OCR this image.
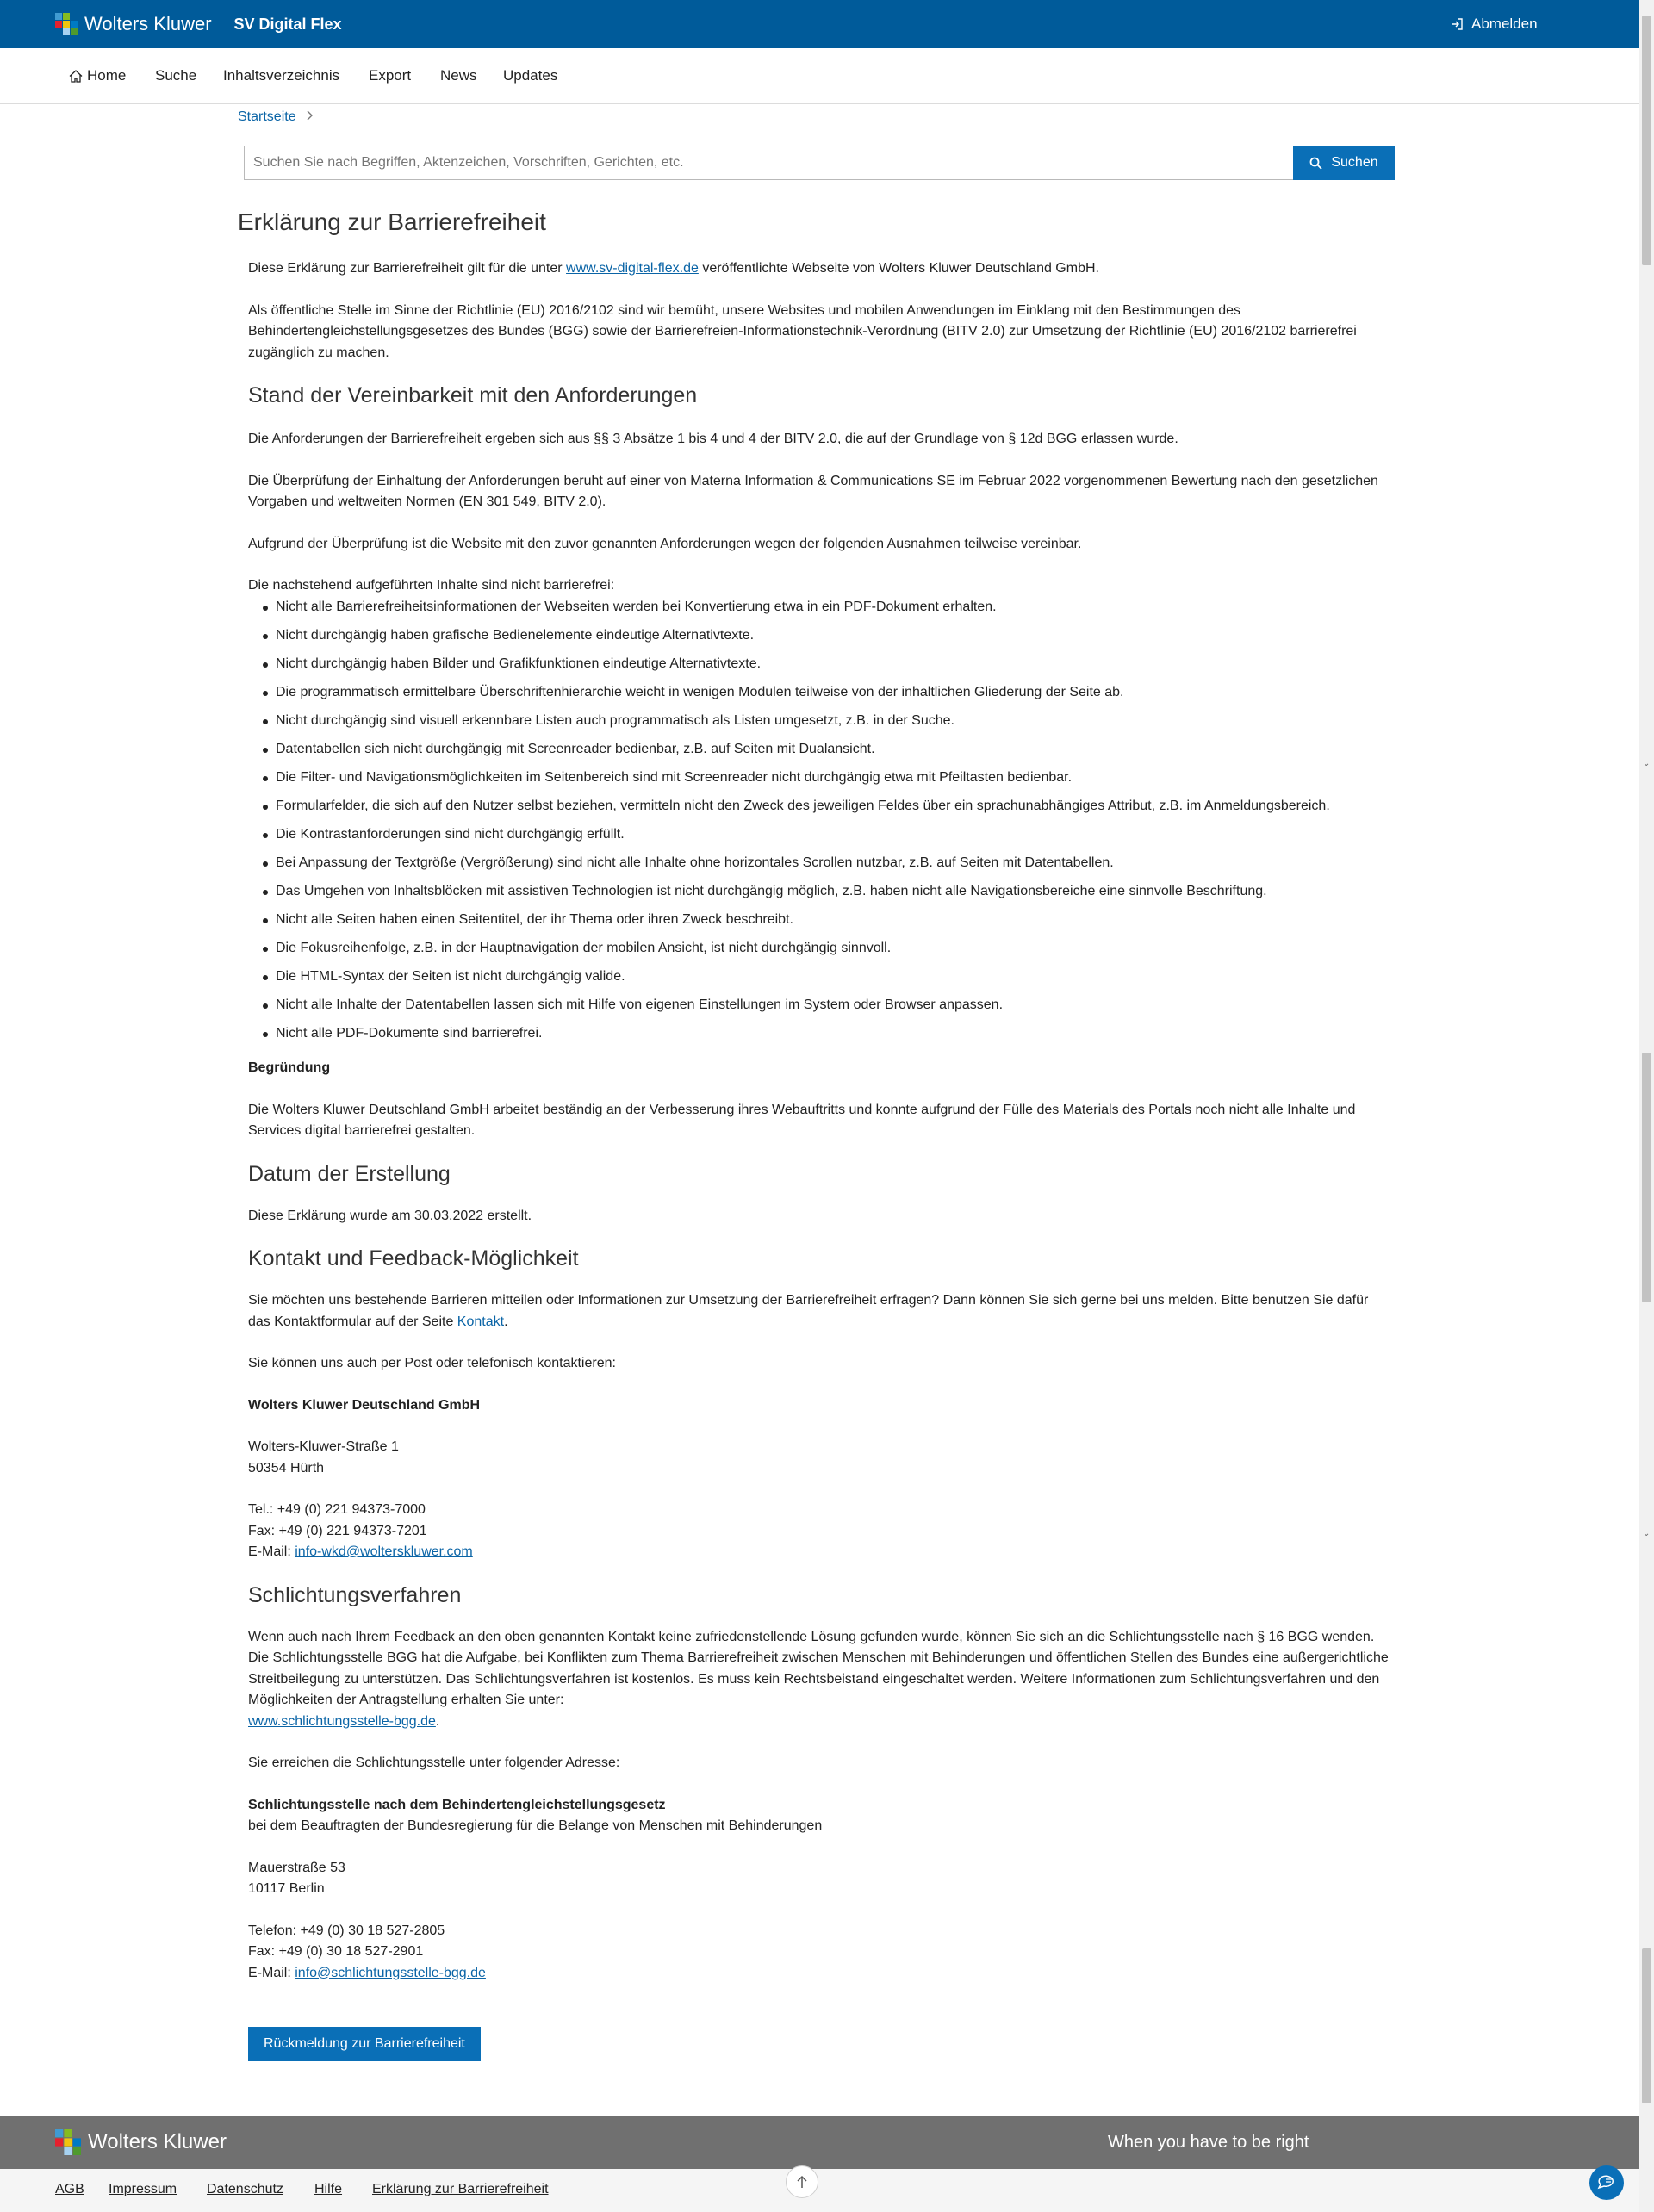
Wolters Kluwer SV Digital Flex	Abmelden
Home Suche Inhaltsverzeichnis Export News Updates
Startseite
Suchen Sie nach Begriffen, Aktenzeichen, Vorschriften, Gerichten, etc.
Suchen
Erklärung zur Barrierefreiheit

Diese Erklärung zur Barrierefreiheit gilt für die unter www.sv-digital-flex.de veröffentlichte Webseite von Wolters Kluwer Deutschland GmbH.

Als öffentliche Stelle im Sinne der Richtlinie (EU) 2016/2102 sind wir bemüht, unsere Websites und mobilen Anwendungen im Einklang mit den Bestimmungen des Behindertengleichstellungsgesetzes des Bundes (BGG) sowie der Barrierefreien-Informationstechnik-Verordnung (BITV 2.0) zur Umsetzung der Richtlinie (EU) 2016/2102 barrierefrei zugänglich zu machen.

Stand der Vereinbarkeit mit den Anforderungen

Die Anforderungen der Barrierefreiheit ergeben sich aus §§ 3 Absätze 1 bis 4 und 4 der BITV 2.0, die auf der Grundlage von § 12d BGG erlassen wurde.

Die Überprüfung der Einhaltung der Anforderungen beruht auf einer von Materna Information & Communications SE im Februar 2022 vorgenommenen Bewertung nach den gesetzlichen Vorgaben und weltweiten Normen (EN 301 549, BITV 2.0).

Aufgrund der Überprüfung ist die Website mit den zuvor genannten Anforderungen wegen der folgenden Ausnahmen teilweise vereinbar.

Die nachstehend aufgeführten Inhalte sind nicht barrierefrei:

Nicht alle Barrierefreiheitsinformationen der Webseiten werden bei Konvertierung etwa in ein PDF-Dokument erhalten.
Nicht durchgängig haben grafische Bedienelemente eindeutige Alternativtexte.
Nicht durchgängig haben Bilder und Grafikfunktionen eindeutige Alternativtexte.
Die programmatisch ermittelbare Überschriftenhierarchie weicht in wenigen Modulen teilweise von der inhaltlichen Gliederung der Seite ab.
Nicht durchgängig sind visuell erkennbare Listen auch programmatisch als Listen umgesetzt, z.B. in der Suche.
Datentabellen sich nicht durchgängig mit Screenreader bedienbar, z.B. auf Seiten mit Dualansicht.
Die Filter- und Navigationsmöglichkeiten im Seitenbereich sind mit Screenreader nicht durchgängig etwa mit Pfeiltasten bedienbar.
Formularfelder, die sich auf den Nutzer selbst beziehen, vermitteln nicht den Zweck des jeweiligen Feldes über ein sprachunabhängiges Attribut, z.B. im Anmeldungsbereich.
Die Kontrastanforderungen sind nicht durchgängig erfüllt.
Bei Anpassung der Textgröße (Vergrößerung) sind nicht alle Inhalte ohne horizontales Scrollen nutzbar, z.B. auf Seiten mit Datentabellen.
Das Umgehen von Inhaltsblöcken mit assistiven Technologien ist nicht durchgängig möglich, z.B. haben nicht alle Navigationsbereiche eine sinnvolle Beschriftung.
Nicht alle Seiten haben einen Seitentitel, der ihr Thema oder ihren Zweck beschreibt.
Die Fokusreihenfolge, z.B. in der Hauptnavigation der mobilen Ansicht, ist nicht durchgängig sinnvoll.
Die HTML-Syntax der Seiten ist nicht durchgängig valide.
Nicht alle Inhalte der Datentabellen lassen sich mit Hilfe von eigenen Einstellungen im System oder Browser anpassen.
Nicht alle PDF-Dokumente sind barrierefrei.

Begründung

Die Wolters Kluwer Deutschland GmbH arbeitet beständig an der Verbesserung ihres Webauftritts und konnte aufgrund der Fülle des Materials des Portals noch nicht alle Inhalte und Services digital barrierefrei gestalten.

Datum der Erstellung

Diese Erklärung wurde am 30.03.2022 erstellt.

Kontakt und Feedback-Möglichkeit

Sie möchten uns bestehende Barrieren mitteilen oder Informationen zur Umsetzung der Barrierefreiheit erfragen? Dann können Sie sich gerne bei uns melden. Bitte benutzen Sie dafür das Kontaktformular auf der Seite Kontakt.

Sie können uns auch per Post oder telefonisch kontaktieren:

Wolters Kluwer Deutschland GmbH

Wolters-Kluwer-Straße 1

50354 Hürth

Tel.: +49 (0) 221 94373-7000

Fax: +49 (0) 221 94373-7201

E-Mail: info-wkd@wolterskluwer.com

Schlichtungsverfahren

Wenn auch nach Ihrem Feedback an den oben genannten Kontakt keine zufriedenstellende Lösung gefunden wurde, können Sie sich an die Schlichtungsstelle nach § 16 BGG wenden. Die Schlichtungsstelle BGG hat die Aufgabe, bei Konflikten zum Thema Barrierefreiheit zwischen Menschen mit Behinderungen und öffentlichen Stellen des Bundes eine außergerichtliche Streitbeilegung zu unterstützen. Das Schlichtungsverfahren ist kostenlos. Es muss kein Rechtsbeistand eingeschaltet werden. Weitere Informationen zum Schlichtungsverfahren und den Möglichkeiten der Antragstellung erhalten Sie unter:

www.schlichtungsstelle-bgg.de.

Sie erreichen die Schlichtungsstelle unter folgender Adresse:

Schlichtungsstelle nach dem Behindertengleichstellungsgesetz

bei dem Beauftragten der Bundesregierung für die Belange von Menschen mit Behinderungen

Mauerstraße 53

10117 Berlin

Telefon: +49 (0) 30 18 527-2805

Fax: +49 (0) 30 18 527-2901

E-Mail: info@schlichtungsstelle-bgg.de

Rückmeldung zur Barrierefreiheit
Wolters Kluwer	When you have to be right
AGB Impressum Datenschutz Hilfe Erklärung zur Barrierefreiheit
⌄
⌄
